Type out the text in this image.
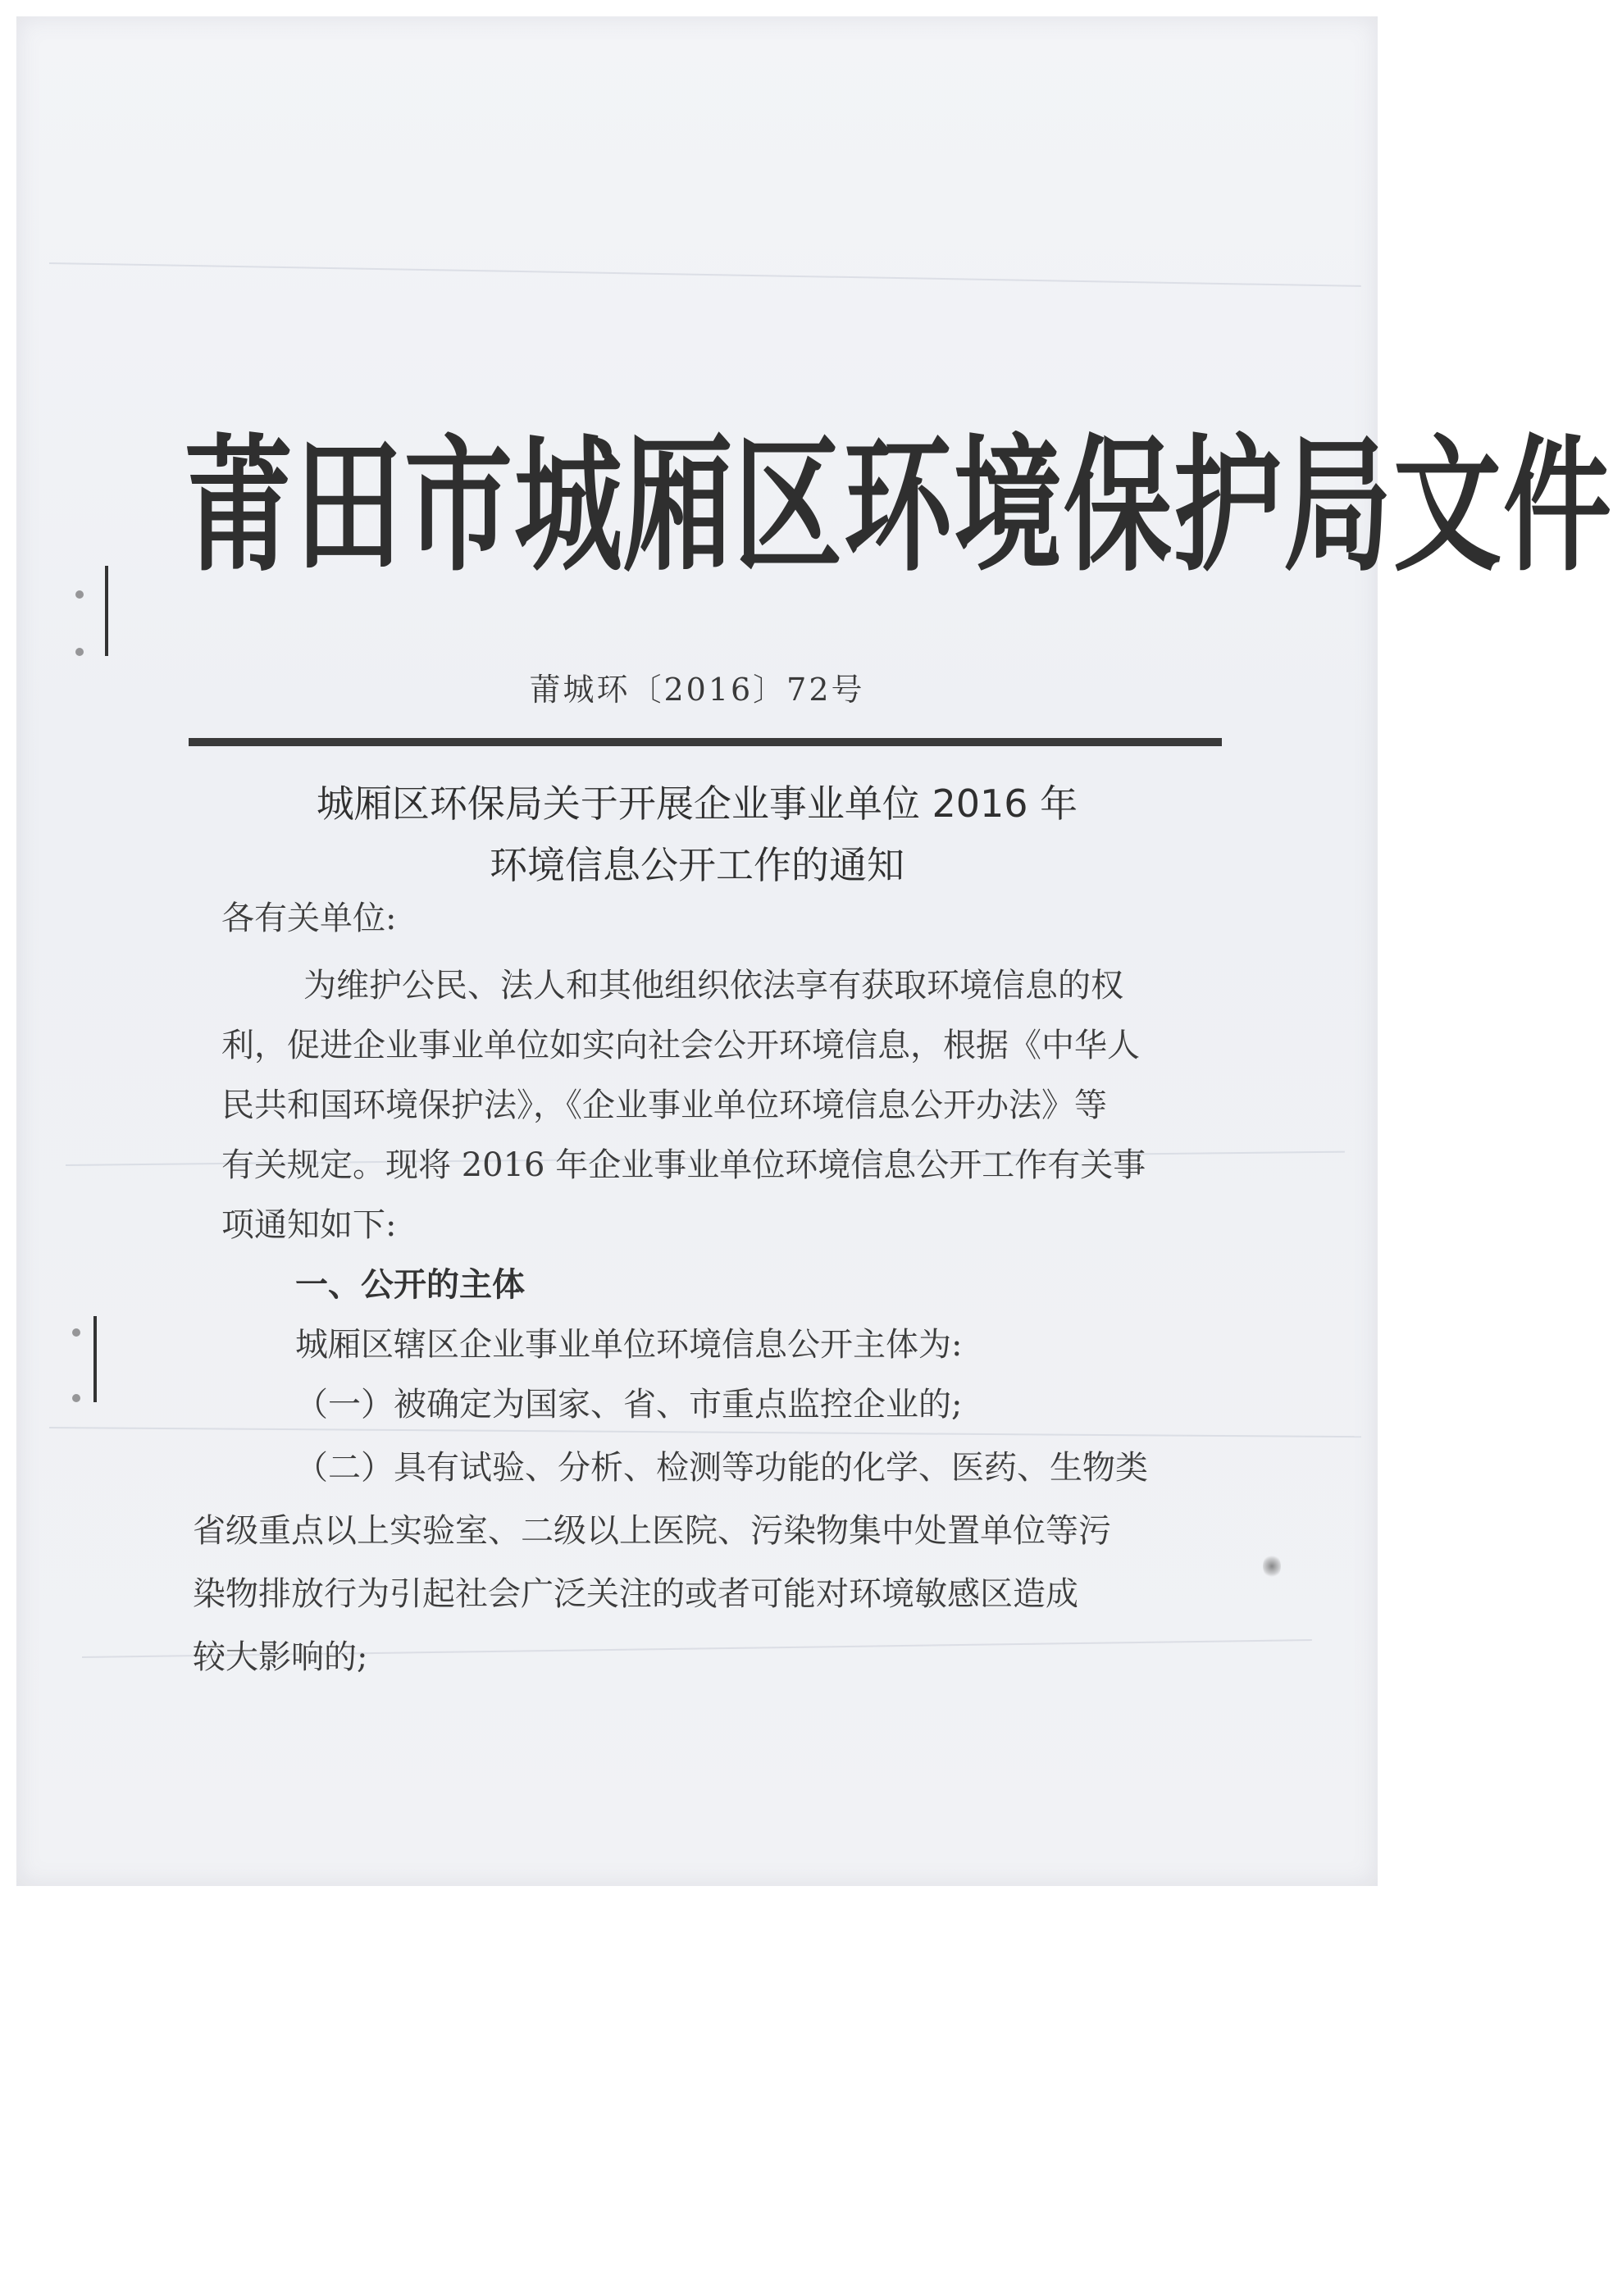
莆田市城厢区环境保护局文件
莆城环〔2016〕72号
城厢区环保局关于开展企业事业单位 2016 年
环境信息公开工作的通知
各有关单位:
为维护公民、法人和其他组织依法享有获取环境信息的权
利，促进企业事业单位如实向社会公开环境信息，根据《中华人
民共和国环境保护法》，《企业事业单位环境信息公开办法》等
有关规定。现将 2016 年企业事业单位环境信息公开工作有关事
项通知如下:
一、公开的主体
城厢区辖区企业事业单位环境信息公开主体为:
（一）被确定为国家、省、市重点监控企业的;
（二）具有试验、分析、检测等功能的化学、医药、生物类
省级重点以上实验室、二级以上医院、污染物集中处置单位等污
染物排放行为引起社会广泛关注的或者可能对环境敏感区造成
较大影响的;
